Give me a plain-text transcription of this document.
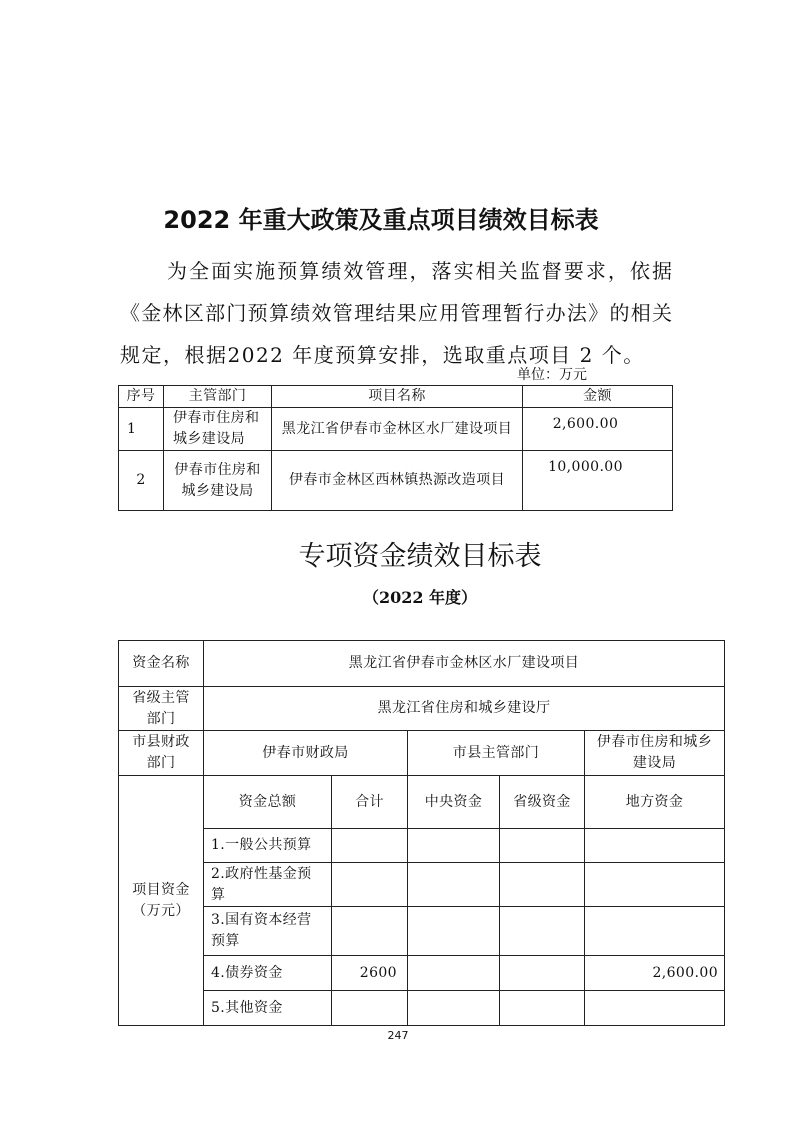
2022 年重大政策及重点项目绩效目标表
为全面实施预算绩效管理，落实相关监督要求，依据
《金林区部门预算绩效管理结果应用管理暂行办法》的相关
规定，根据2022 年度预算安排，选取重点项目 2 个。
单位：万元
序号	主管部门	项目名称	金额
1	伊春市住房和
城乡建设局	黑龙江省伊春市金林区水厂建设项目	2,600.00
2	伊春市住房和
城乡建设局	伊春市金林区西林镇热源改造项目	10,000.00
专项资金绩效目标表
（2022 年度）
资金名称	黑龙江省伊春市金林区水厂建设项目				

省级主管
部门	黑龙江省住房和城乡建设厅				

市县财政
部门	伊春市财政局		市县主管部门		伊春市住房和城乡
建设局

项目资金
（万元）	资金总额	合计	中央资金	省级资金	地方资金

	1.一般公共预算				

	2.政府性基金预
算				

	3.国有资本经营
预算				

	4.债券资金	2600			2,600.00

	5.其他资金				

247
